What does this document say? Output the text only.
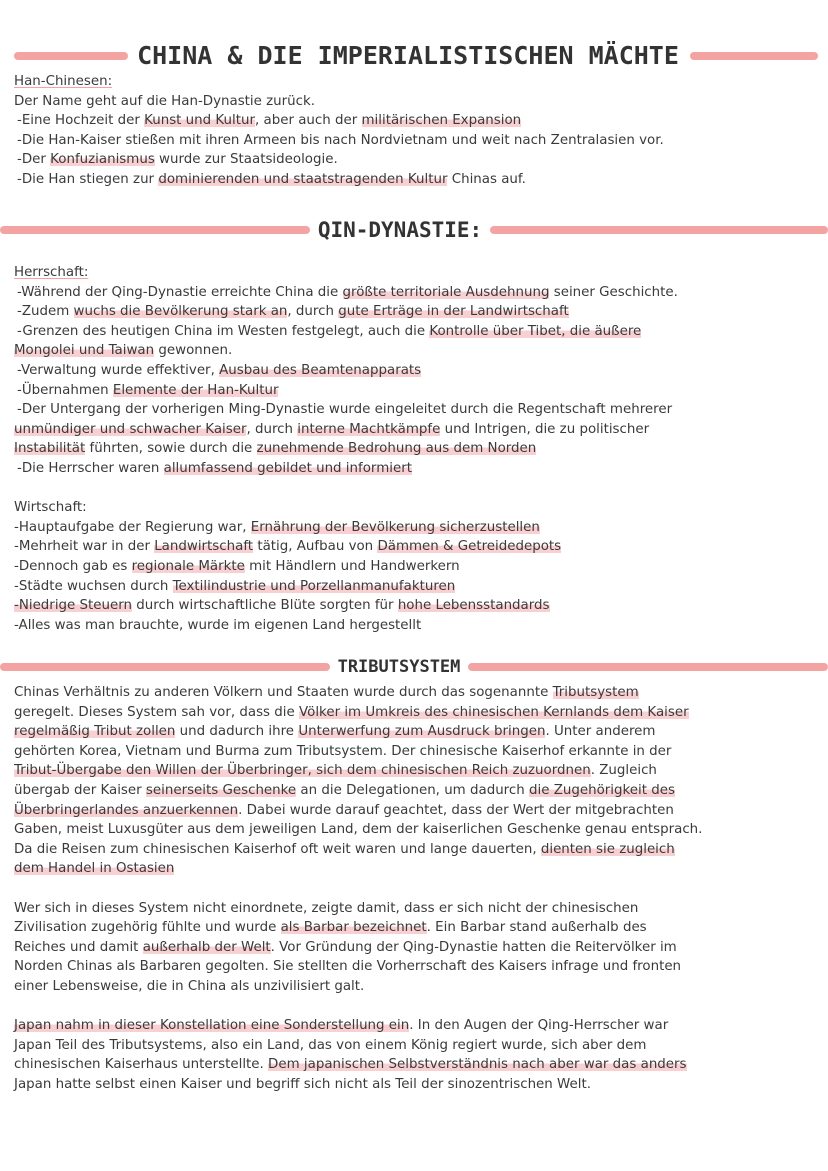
CHINA & DIE IMPERIALISTISCHEN MÄCHTE

Han-Chinesen:

Der Name geht auf die Han-Dynastie zurück.

-Eine Hochzeit der Kunst und Kultur, aber auch der militärischen Expansion

-Die Han-Kaiser stießen mit ihren Armeen bis nach Nordvietnam und weit nach Zentralasien vor.

-Der Konfuzianismus wurde zur Staatsideologie.

-Die Han stiegen zur dominierenden und staatstragenden Kultur Chinas auf.

QIN-DYNASTIE:

Herrschaft:

-Während der Qing-Dynastie erreichte China die größte territoriale Ausdehnung seiner Geschichte.

-Zudem wuchs die Bevölkerung stark an, durch gute Erträge in der Landwirtschaft

-Grenzen des heutigen China im Westen festgelegt, auch die Kontrolle über Tibet, die äußere

Mongolei und Taiwan gewonnen.

-Verwaltung wurde effektiver, Ausbau des Beamtenapparats

-Übernahmen Elemente der Han-Kultur

-Der Untergang der vorherigen Ming-Dynastie wurde eingeleitet durch die Regentschaft mehrerer

unmündiger und schwacher Kaiser, durch interne Machtkämpfe und Intrigen, die zu politischer

Instabilität führten, sowie durch die zunehmende Bedrohung aus dem Norden

-Die Herrscher waren allumfassend gebildet und informiert

Wirtschaft:

-Hauptaufgabe der Regierung war, Ernährung der Bevölkerung sicherzustellen

-Mehrheit war in der Landwirtschaft tätig, Aufbau von Dämmen & Getreidedepots

-Dennoch gab es regionale Märkte mit Händlern und Handwerkern

-Städte wuchsen durch Textilindustrie und Porzellanmanufakturen

-Niedrige Steuern durch wirtschaftliche Blüte sorgten für hohe Lebensstandards

-Alles was man brauchte, wurde im eigenen Land hergestellt

TRIBUTSYSTEM

Chinas Verhältnis zu anderen Völkern und Staaten wurde durch das sogenannte Tributsystem

geregelt. Dieses System sah vor, dass die Völker im Umkreis des chinesischen Kernlands dem Kaiser

regelmäßig Tribut zollen und dadurch ihre Unterwerfung zum Ausdruck bringen. Unter anderem

gehörten Korea, Vietnam und Burma zum Tributsystem. Der chinesische Kaiserhof erkannte in der

Tribut-Übergabe den Willen der Überbringer, sich dem chinesischen Reich zuzuordnen. Zugleich

übergab der Kaiser seinerseits Geschenke an die Delegationen, um dadurch die Zugehörigkeit des

Überbringerlandes anzuerkennen. Dabei wurde darauf geachtet, dass der Wert der mitgebrachten

Gaben, meist Luxusgüter aus dem jeweiligen Land, dem der kaiserlichen Geschenke genau entsprach.

Da die Reisen zum chinesischen Kaiserhof oft weit waren und lange dauerten, dienten sie zugleich

dem Handel in Ostasien

Wer sich in dieses System nicht einordnete, zeigte damit, dass er sich nicht der chinesischen

Zivilisation zugehörig fühlte und wurde als Barbar bezeichnet. Ein Barbar stand außerhalb des

Reiches und damit außerhalb der Welt. Vor Gründung der Qing-Dynastie hatten die Reitervölker im

Norden Chinas als Barbaren gegolten. Sie stellten die Vorherrschaft des Kaisers infrage und fronten

einer Lebensweise, die in China als unzivilisiert galt.

Japan nahm in dieser Konstellation eine Sonderstellung ein. In den Augen der Qing-Herrscher war

Japan Teil des Tributsystems, also ein Land, das von einem König regiert wurde, sich aber dem

chinesischen Kaiserhaus unterstellte. Dem japanischen Selbstverständnis nach aber war das anders

Japan hatte selbst einen Kaiser und begriff sich nicht als Teil der sinozentrischen Welt.
